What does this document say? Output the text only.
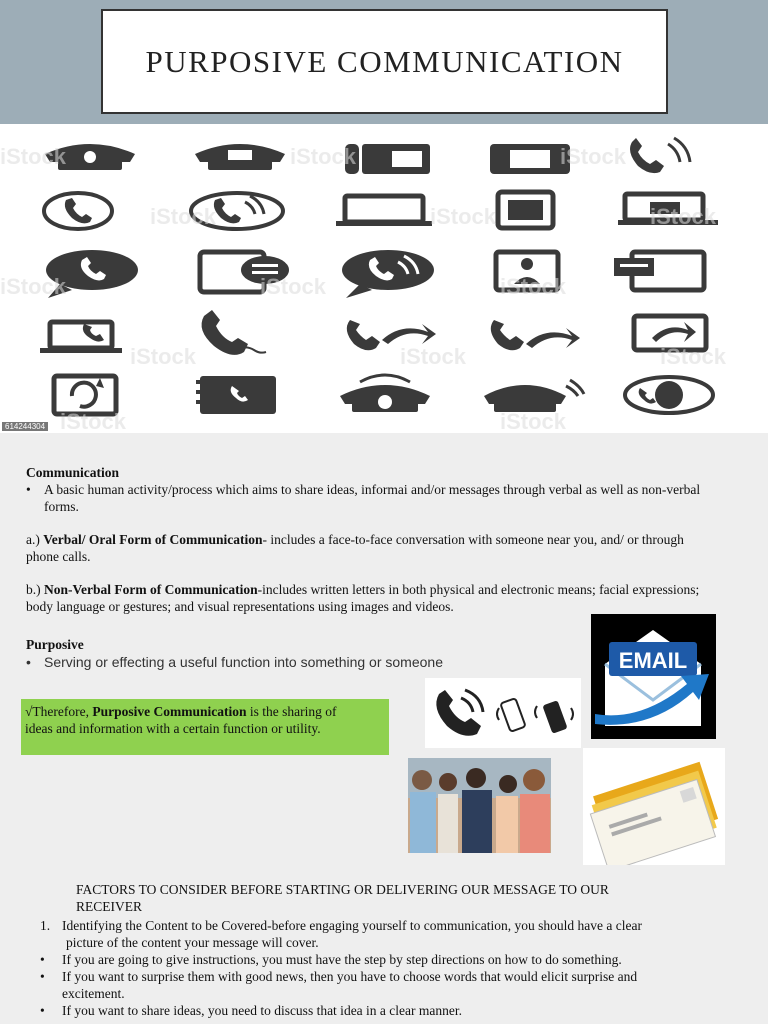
PURPOSIVE COMMUNICATION
iStock	iStock	iStock
iStock	iStock	iStock
iStock	iStock	iStock
iStock	iStock	iStock
iStock	iStock
614244304
Communication
• A basic human activity/process which aims to share ideas, informai and/or messages through verbal as well as non-verbal
forms.
a.) Verbal/ Oral Form of Communication- includes a face-to-face conversation with someone near you, and/ or through
phone calls.
b.) Non-Verbal Form of Communication-includes written letters in both physical and electronic means; facial expressions;
body language or gestures; and visual representations using images and videos.
Purposive
• Serving or effecting a useful function into something or someone
√Therefore, Purposive Communication is the sharing of
ideas and information with a certain function or utility.
EMAIL
FACTORS TO CONSIDER BEFORE STARTING OR DELIVERING OUR MESSAGE TO OUR
RECEIVER
1. Identifying the Content to be Covered-before engaging yourself to communication, you should have a clear
picture of the content your message will cover.
•	If you are going to give instructions, you must have the step by step directions on how to do something.
•	If you want to surprise them with good news, then you have to choose words that would elicit surprise and
excitement.
•	If you want to share ideas, you need to discuss that idea in a clear manner.
